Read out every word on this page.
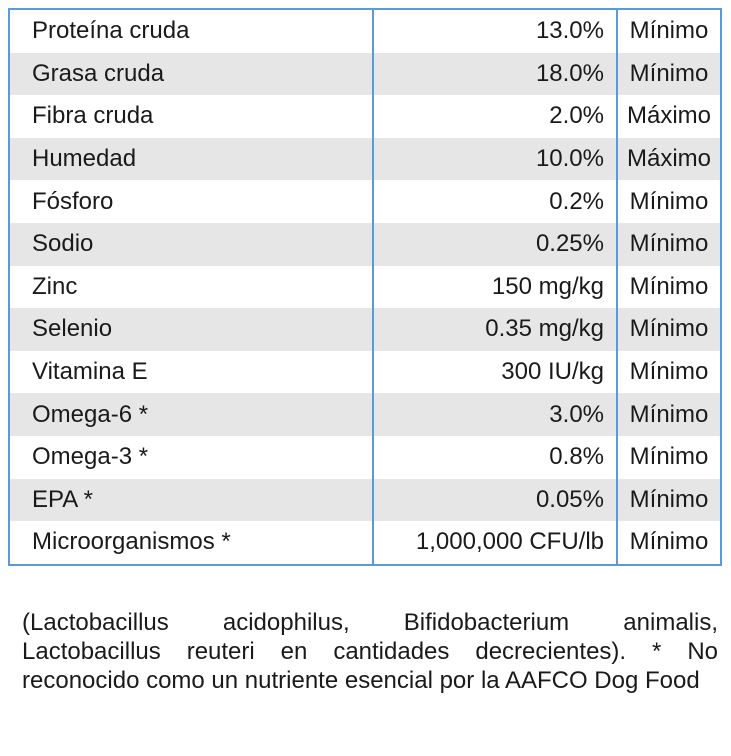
Proteína cruda	13.0%	Mínimo
Grasa cruda	18.0%	Mínimo
Fibra cruda	2.0%	Máximo
Humedad	10.0%	Máximo
Fósforo	0.2%	Mínimo
Sodio	0.25%	Mínimo
Zinc	150 mg/kg	Mínimo
Selenio	0.35 mg/kg	Mínimo
Vitamina E	300 IU/kg	Mínimo
Omega-6 *	3.0%	Mínimo
Omega-3 *	0.8%	Mínimo
EPA *	0.05%	Mínimo
Microorganismos *	1,000,000 CFU/lb	Mínimo

(Lactobacillus acidophilus, Bifidobacterium animalis, Lactobacillus reuteri en cantidades decrecientes). * No reconocido como un nutriente esencial por la AAFCO Dog Food
